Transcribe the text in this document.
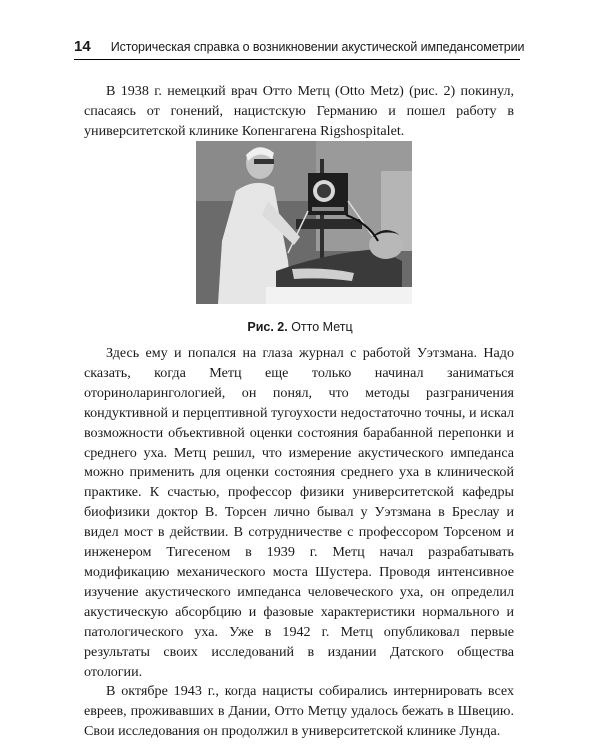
14 Историческая справка о возникновении акустической импедансометрии

В 1938 г. немецкий врач Отто Метц (Otto Metz) (рис. 2) покинул, спасаясь от гонений, нацистскую Германию и пошел работу в университетской клинике Копенгагена Rigshospitalet.

Рис. 2. Отто Метц

Здесь ему и попался на глаза журнал с работой Уэтзмана. Надо сказать, когда Метц еще только начинал заниматься оториноларингологией, он понял, что методы разграничения кондуктивной и перцептивной тугоухости недостаточно точны, и искал возможности объективной оценки состояния барабанной перепонки и среднего уха. Метц решил, что измерение акустического импеданса можно применить для оценки состояния среднего уха в клинической практике. К счастью, профессор физики университетской кафедры биофизики доктор В. Торсен лично бывал у Уэтзмана в Бреслау и видел мост в действии. В сотрудничестве с профессором Торсеном и инженером Тигесеном в 1939 г. Метц начал разрабатывать модификацию механического моста Шустера. Проводя интенсивное изучение акустического импеданса человеческого уха, он определил акустическую абсорбцию и фазовые характеристики нормального и патологического уха. Уже в 1942 г. Метц опубликовал первые результаты своих исследований в издании Датского общества отологии.

В октябре 1943 г., когда нацисты собирались интернировать всех евреев, проживавших в Дании, Отто Метцу удалось бежать в Швецию. Свои исследования он продолжил в университетской клинике Лунда.
